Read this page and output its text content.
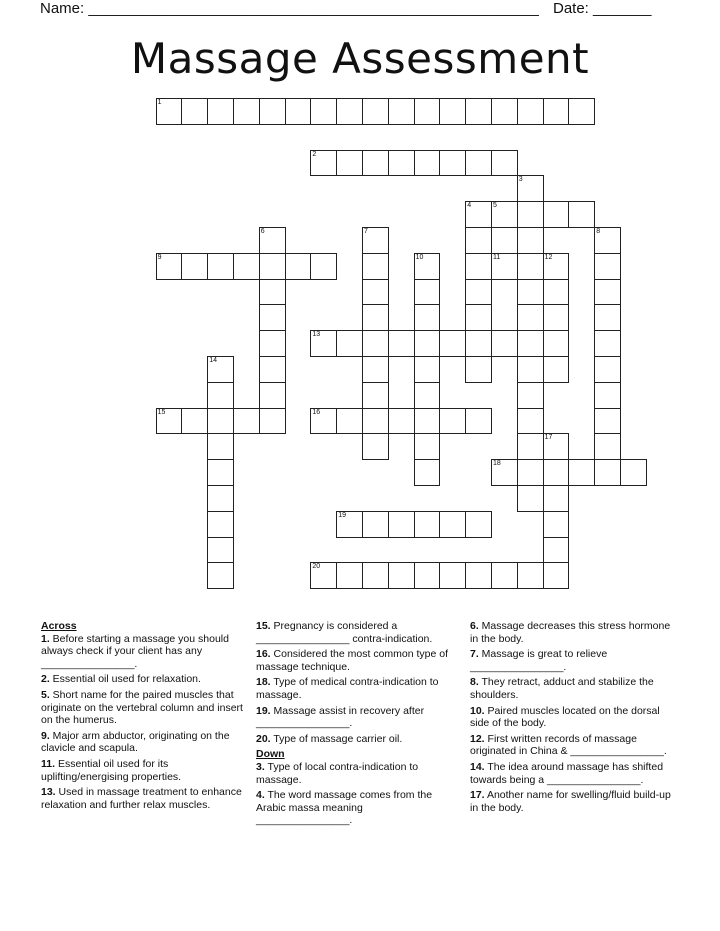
Name: ______________________________________________________ Date: _______
Massage Assessment
1
2
3
4	5
6	7	8
9	10	11	12
13
14
15	16
17
18
19
20
Across

1. Before starting a massage you should always check if your client has any ________________.

2. Essential oil used for relaxation.

5. Short name for the paired muscles that originate on the vertebral column and insert on the humerus.

9. Major arm abductor, originating on the clavicle and scapula.

11. Essential oil used for its uplifting/energising properties.

13. Used in massage treatment to enhance relaxation and further relax muscles.

15. Pregnancy is considered a ________________ contra-indication.

16. Considered the most common type of massage technique.

18. Type of medical contra-indication to massage.

19. Massage assist in recovery after ________________.

20. Type of massage carrier oil.

Down

3. Type of local contra-indication to massage.

4. The word massage comes from the Arabic massa meaning ________________.

6. Massage decreases this stress hormone in the body.

7. Massage is great to relieve ________________.

8. They retract, adduct and stabilize the shoulders.

10. Paired muscles located on the dorsal side of the body.

12. First written records of massage originated in China & ________________.

14. The idea around massage has shifted towards being a ________________.

17. Another name for swelling/fluid build-up in the body.
